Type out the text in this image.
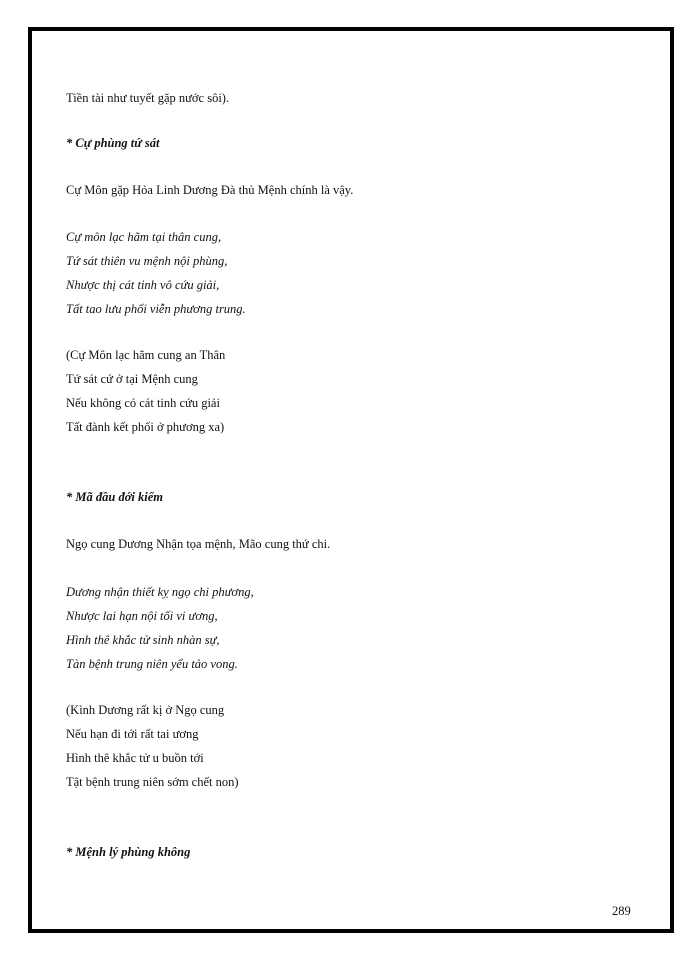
Tiền tài như tuyết gặp nước sôi).
* Cự phùng tứ sát
Cự Môn gặp Hỏa Linh Dương Đà thủ Mệnh chính là vậy.
Cự môn lạc hãm tại thân cung,
Tứ sát thiên vu mệnh nội phùng,
Nhược thị cát tinh vô cứu giải,
Tất tao lưu phối viễn phương trung.
(Cự Môn lạc hãm cung an Thân
Tứ sát cứ ở tại Mệnh cung
Nếu không có cát tinh cứu giải
Tất đành kết phối ở phương xa)
* Mã đầu đới kiếm
Ngọ cung Dương Nhận tọa mệnh, Mão cung thứ chi.
Dương nhận thiết kỵ ngọ chi phương,
Nhược lai hạn nội tối vi ương,
Hình thê khắc tử sinh nhàn sự,
Tàn bệnh trung niên yểu tảo vong.
(Kình Dương rất kị ở Ngọ cung
Nếu hạn đi tới rất tai ương
Hình thê khắc tử u buồn tới
Tật bệnh trung niên sớm chết non)
* Mệnh lý phùng không
289
